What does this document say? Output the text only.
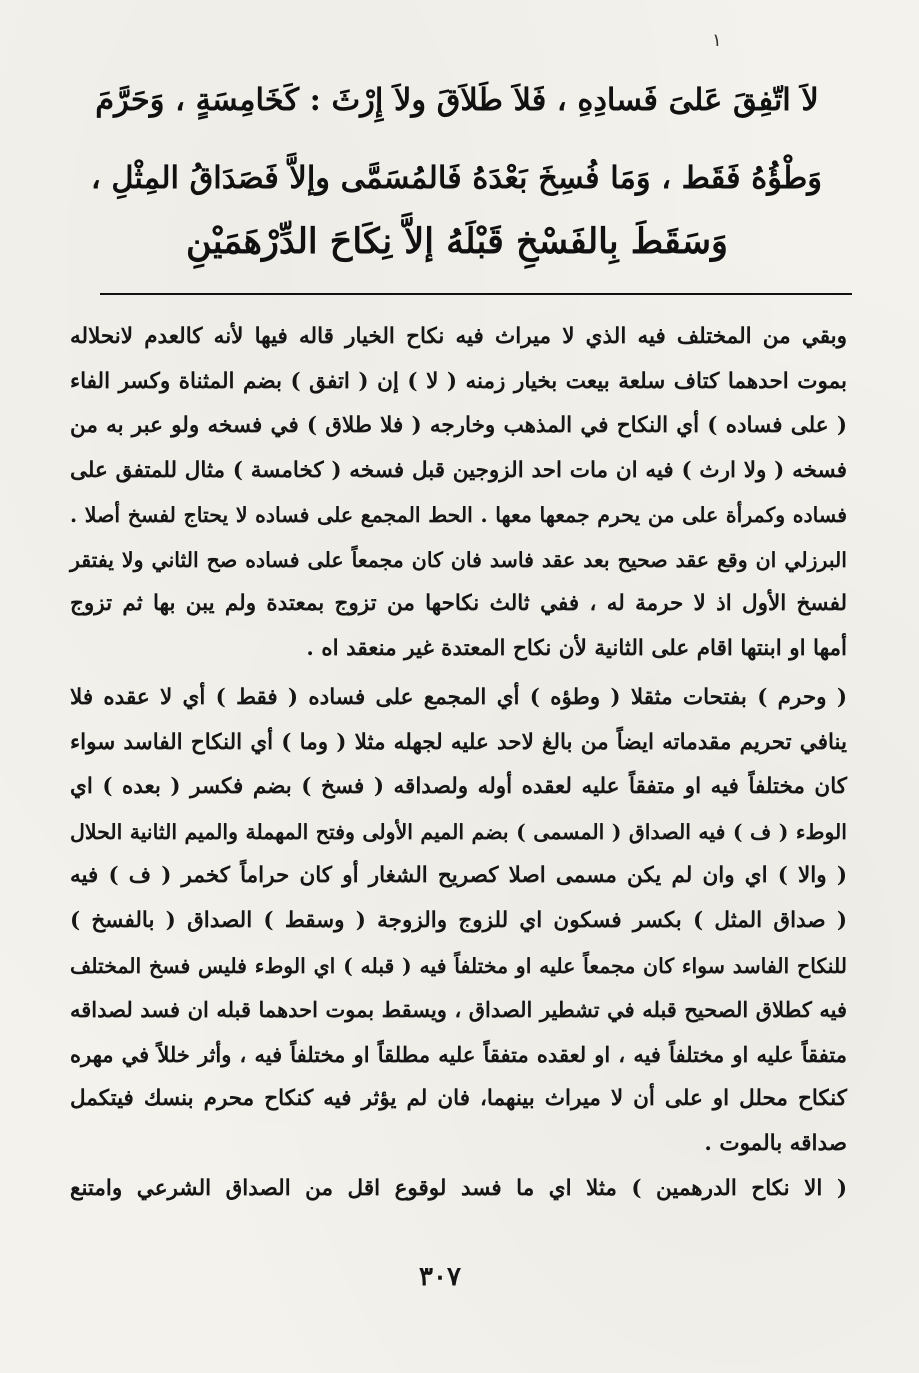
١
لاَ اتّفِقَ عَلىَ فَسادِهِ ، فَلاَ طَلاَقَ ولاَ إِرْثَ : كَخَامِسَةٍ ، وَحَرَّمَ
وَطْؤُهُ فَقَط ، وَمَا فُسِخَ بَعْدَهُ فَالمُسَمَّى وإلاَّ فَصَدَاقُ المِثْلِ ،
وَسَقَطَ بِالفَسْخِ قَبْلَهُ إلاَّ نِكَاحَ الدِّرْهَمَيْنِ
وبقي من المختلف فيه الذي لا ميراث فيه نكاح الخيار قاله فيها لأنه كالعدم لانحلاله
بموت احدهما كتاف سلعة بيعت بخيار زمنه ( لا ) إن ( اتفق ) بضم المثناة وكسر الفاء
( على فساده ) أي النكاح في المذهب وخارجه ( فلا طلاق ) في فسخه ولو عبر به من
فسخه ( ولا ارث ) فيه ان مات احد الزوجين قبل فسخه ( كخامسة ) مثال للمتفق على
فساده وكمرأة على من يحرم جمعها معها . الحط المجمع على فساده لا يحتاج لفسخ أصلا .
البرزلي ان وقع عقد صحيح بعد عقد فاسد فان كان مجمعاً على فساده صح الثاني ولا يفتقر
لفسخ الأول اذ لا حرمة له ، ففي ثالث نكاحها من تزوج بمعتدة ولم يبن بها ثم تزوج
أمها او ابنتها اقام على الثانية لأن نكاح المعتدة غير منعقد اه .
( وحرم ) بفتحات مثقلا ( وطؤه ) أي المجمع على فساده ( فقط ) أي لا عقده فلا
ينافي تحريم مقدماته ايضاً من بالغ لاحد عليه لجهله مثلا ( وما ) أي النكاح الفاسد سواء
كان مختلفاً فيه او متفقاً عليه لعقده أوله ولصداقه ( فسخ ) بضم فكسر ( بعده ) اي
الوطء ( ف ) فيه الصداق ( المسمى ) بضم الميم الأولى وفتح المهملة والميم الثانية الحلال
( والا ) اي وان لم يكن مسمى اصلا كصريح الشغار أو كان حراماً كخمر ( ف ) فيه
( صداق المثل ) بكسر فسكون اي للزوج والزوجة ( وسقط ) الصداق ( بالفسخ )
للنكاح الفاسد سواء كان مجمعاً عليه او مختلفاً فيه ( قبله ) اي الوطء فليس فسخ المختلف
فيه كطلاق الصحيح قبله في تشطير الصداق ، ويسقط بموت احدهما قبله ان فسد لصداقه
متفقاً عليه او مختلفاً فيه ، او لعقده متفقاً عليه مطلقاً او مختلفاً فيه ، وأثر خللاً في مهره
كنكاح محلل او على أن لا ميراث بينهما، فان لم يؤثر فيه كنكاح محرم بنسك فيتكمل
صداقه بالموت .
( الا نكاح الدرهمين ) مثلا اي ما فسد لوقوع اقل من الصداق الشرعي وامتنع
٣٠٧
